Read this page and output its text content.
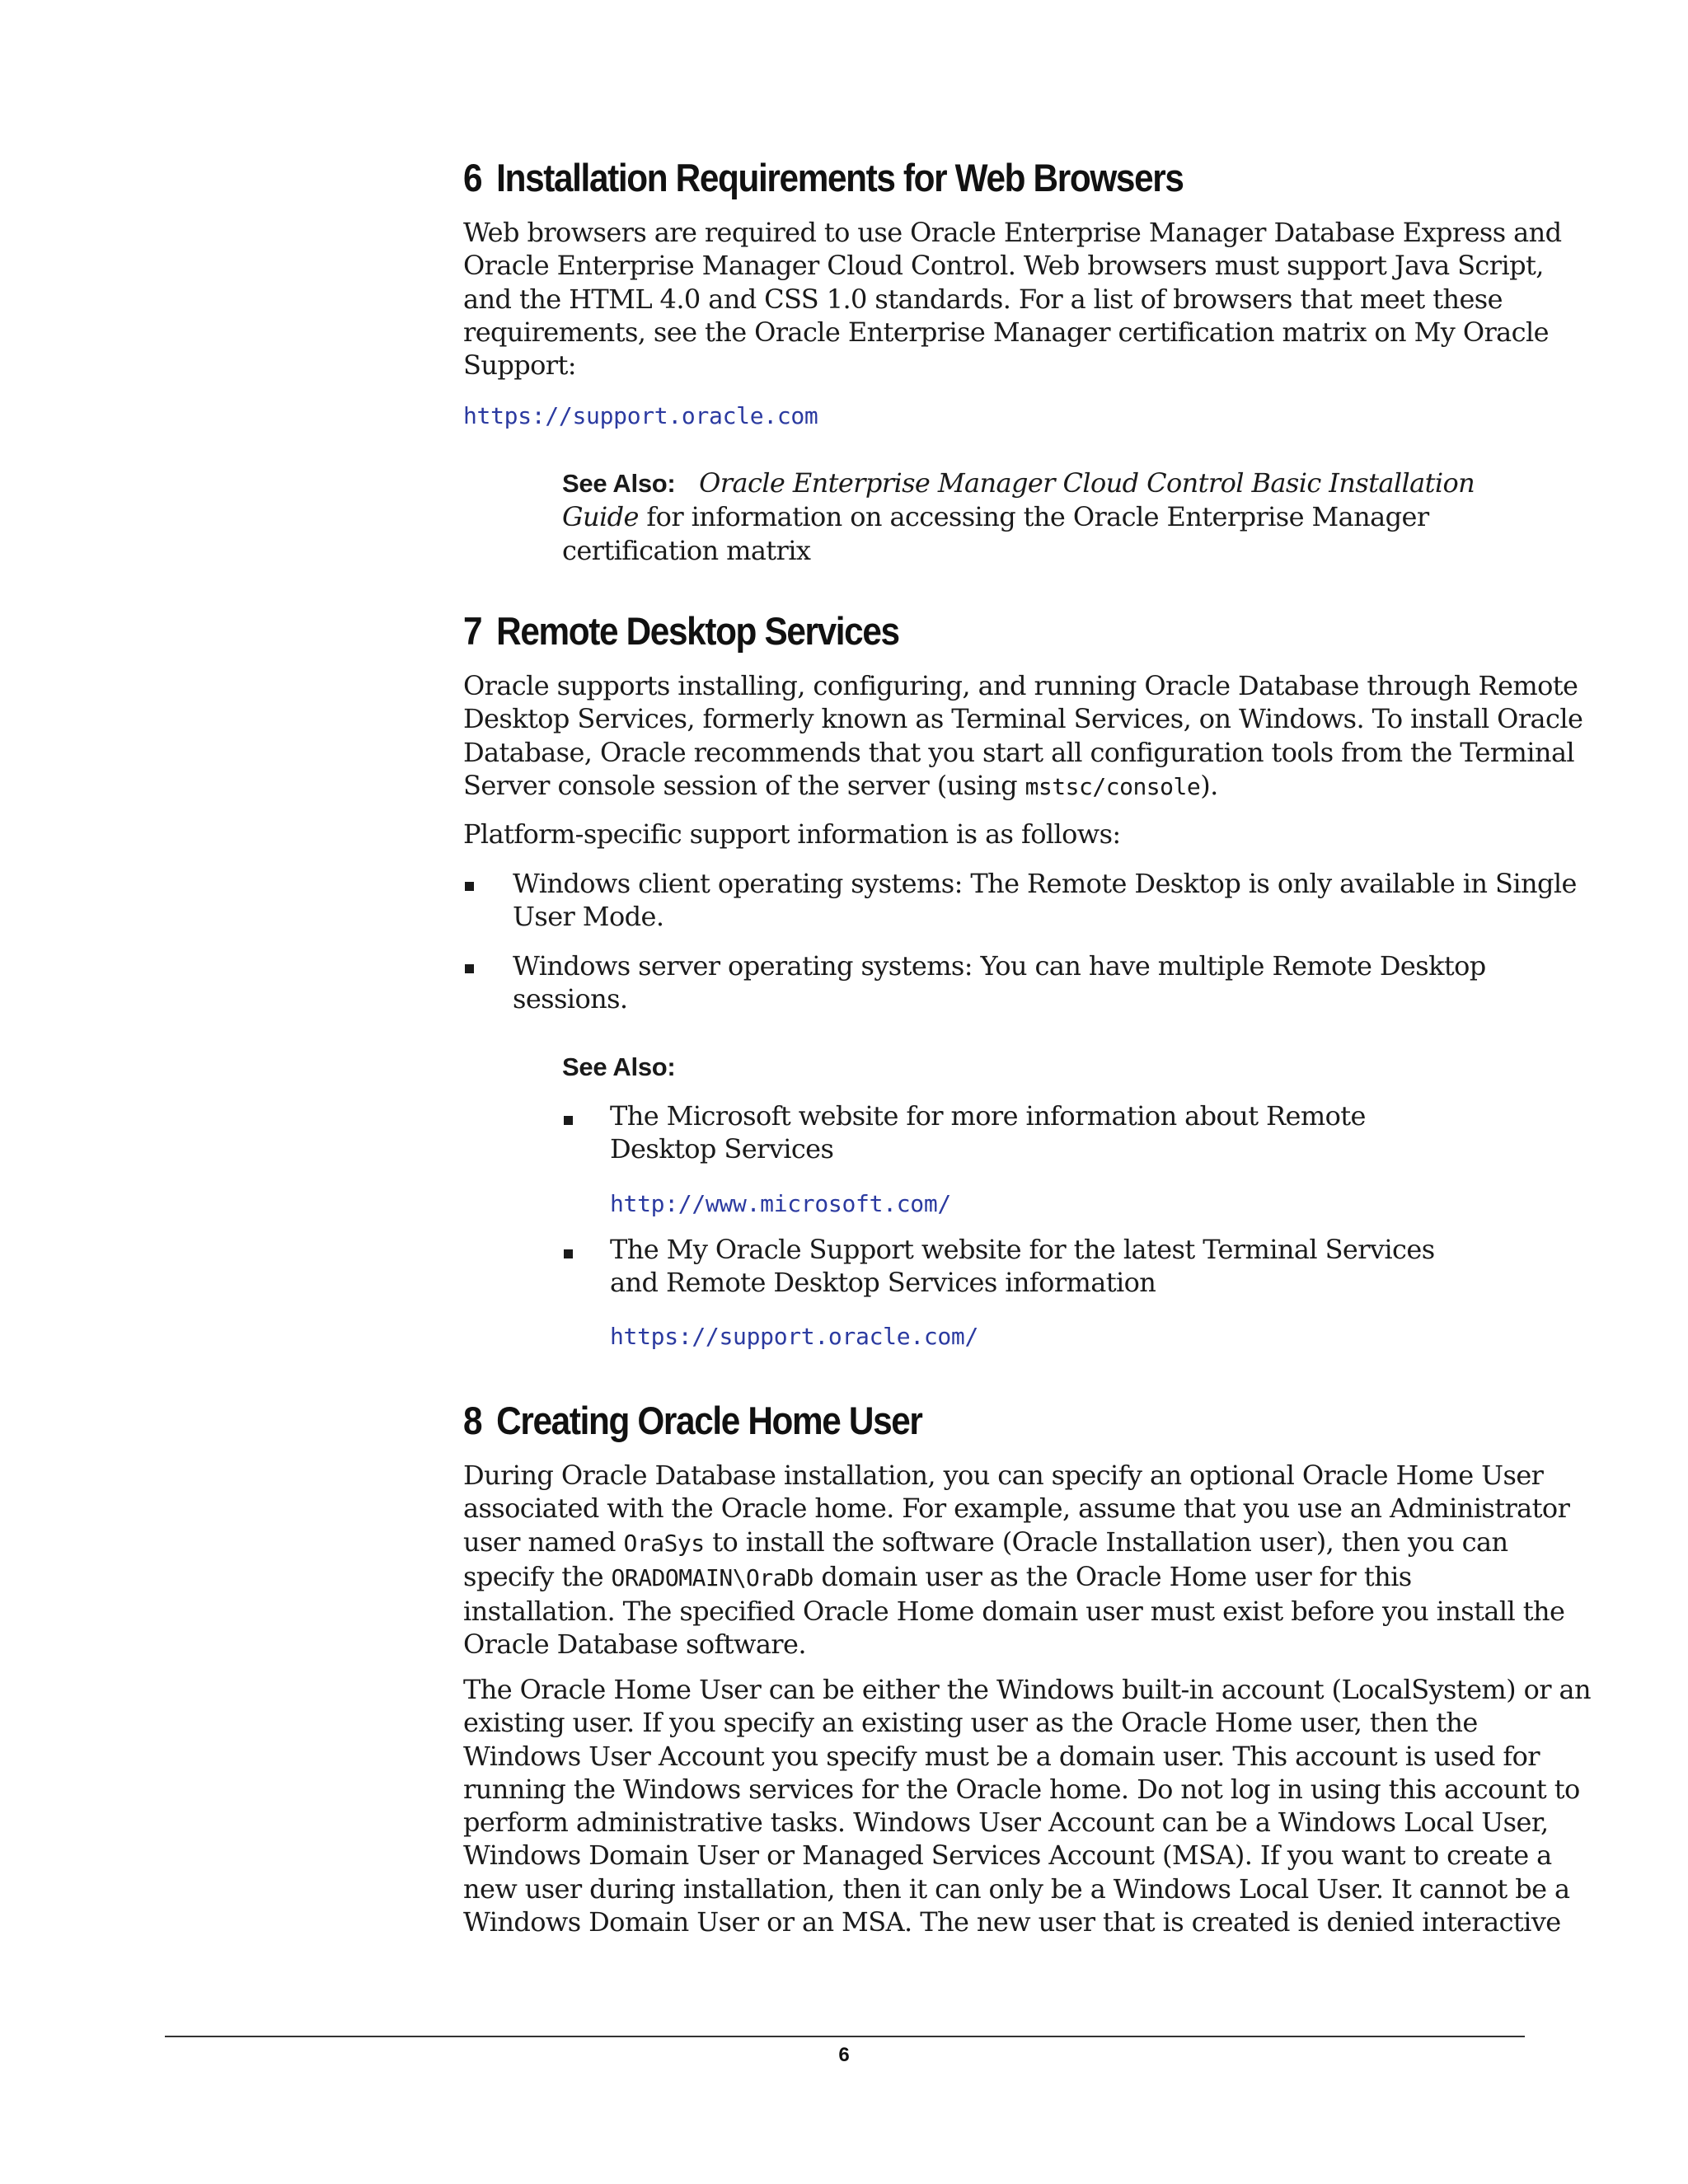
6 Installation Requirements for Web Browsers
Web browsers are required to use Oracle Enterprise Manager Database Express and
Oracle Enterprise Manager Cloud Control. Web browsers must support Java Script,
and the HTML 4.0 and CSS 1.0 standards. For a list of browsers that meet these
requirements, see the Oracle Enterprise Manager certification matrix on My Oracle
Support:
https://support.oracle.com
See Also: Oracle Enterprise Manager Cloud Control Basic Installation
Guide for information on accessing the Oracle Enterprise Manager
certification matrix
7 Remote Desktop Services
Oracle supports installing, configuring, and running Oracle Database through Remote
Desktop Services, formerly known as Terminal Services, on Windows. To install Oracle
Database, Oracle recommends that you start all configuration tools from the Terminal
Server console session of the server (using mstsc/console).
Platform-specific support information is as follows:
Windows client operating systems: The Remote Desktop is only available in Single
User Mode.
Windows server operating systems: You can have multiple Remote Desktop
sessions.
See Also:
The Microsoft website for more information about Remote
Desktop Services
http://www.microsoft.com/
The My Oracle Support website for the latest Terminal Services
and Remote Desktop Services information
https://support.oracle.com/
8 Creating Oracle Home User
During Oracle Database installation, you can specify an optional Oracle Home User
associated with the Oracle home. For example, assume that you use an Administrator
user named OraSys to install the software (Oracle Installation user), then you can
specify the ORADOMAIN\OraDb domain user as the Oracle Home user for this
installation. The specified Oracle Home domain user must exist before you install the
Oracle Database software.
The Oracle Home User can be either the Windows built-in account (LocalSystem) or an
existing user. If you specify an existing user as the Oracle Home user, then the
Windows User Account you specify must be a domain user. This account is used for
running the Windows services for the Oracle home. Do not log in using this account to
perform administrative tasks. Windows User Account can be a Windows Local User,
Windows Domain User or Managed Services Account (MSA). If you want to create a
new user during installation, then it can only be a Windows Local User. It cannot be a
Windows Domain User or an MSA. The new user that is created is denied interactive
6
